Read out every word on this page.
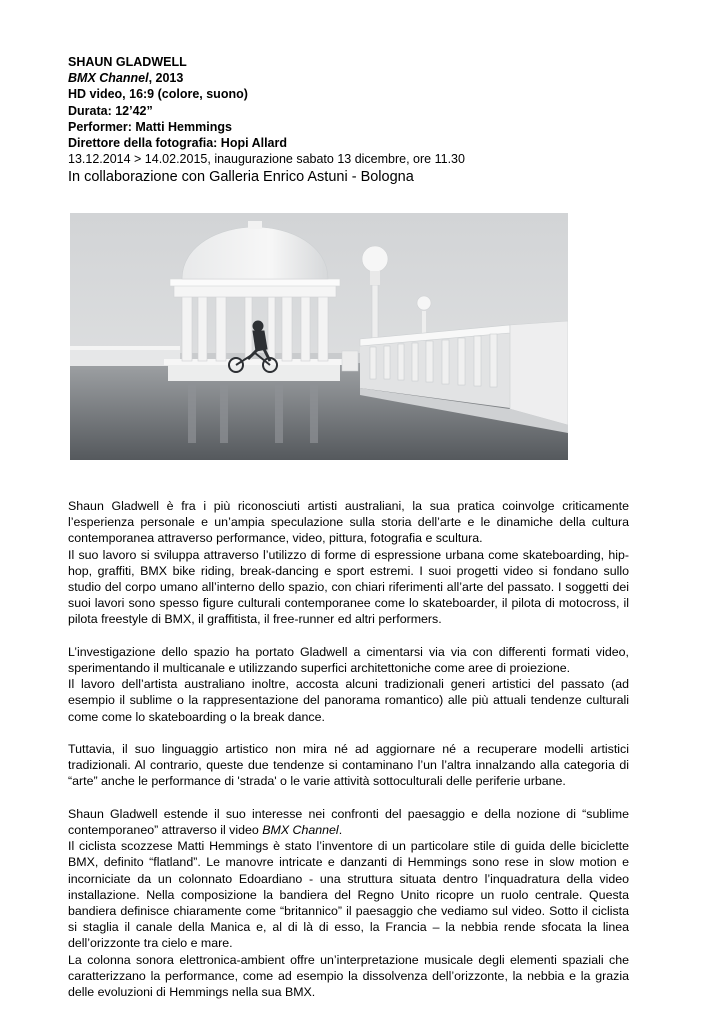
SHAUN GLADWELL
BMX Channel, 2013
HD video, 16:9 (colore, suono)
Durata: 12’42”
Performer: Matti Hemmings
Direttore della fotografia: Hopi Allard
13.12.2014 > 14.02.2015, inaugurazione sabato 13 dicembre, ore 11.30
In collaborazione con Galleria Enrico Astuni - Bologna

Shaun Gladwell è fra i più riconosciuti artisti australiani, la sua pratica coinvolge criticamente l’esperienza personale e un’ampia speculazione sulla storia dell’arte e le dinamiche della cultura contemporanea attraverso performance, video, pittura, fotografia e scultura.

Il suo lavoro si sviluppa attraverso l’utilizzo di forme di espressione urbana come skateboarding, hip-hop, graffiti, BMX bike riding, break-dancing e sport estremi. I suoi progetti video si fondano sullo studio del corpo umano all’interno dello spazio, con chiari riferimenti all’arte del passato. I soggetti dei suoi lavori sono spesso figure culturali contemporanee come lo skateboarder, il pilota di motocross, il pilota freestyle di BMX, il graffitista, il free-runner ed altri performers.

L’investigazione dello spazio ha portato Gladwell a cimentarsi via via con differenti formati video, sperimentando il multicanale e utilizzando superfici architettoniche come aree di proiezione.

Il lavoro dell’artista australiano inoltre, accosta alcuni tradizionali generi artistici del passato (ad esempio il sublime o la rappresentazione del panorama romantico) alle più attuali tendenze culturali come come lo skateboarding o la break dance.

Tuttavia, il suo linguaggio artistico non mira né ad aggiornare né a recuperare modelli artistici tradizionali. Al contrario, queste due tendenze si contaminano l’un l’altra innalzando alla categoria di “arte” anche le performance di 'strada' o le varie attività sottoculturali delle periferie urbane.

Shaun Gladwell estende il suo interesse nei confronti del paesaggio e della nozione di “sublime contemporaneo” attraverso il video BMX Channel.

Il ciclista scozzese Matti Hemmings è stato l’inventore di un particolare stile di guida delle biciclette BMX, definito “flatland”. Le manovre intricate e danzanti di Hemmings sono rese in slow motion e incorniciate da un colonnato Edoardiano - una struttura situata dentro l’inquadratura della video installazione. Nella composizione la bandiera del Regno Unito ricopre un ruolo centrale. Questa bandiera definisce chiaramente come “britannico” il paesaggio che vediamo sul video. Sotto il ciclista si staglia il canale della Manica e, al di là di esso, la Francia – la nebbia rende sfocata la linea dell’orizzonte tra cielo e mare.

La colonna sonora elettronica-ambient offre un’interpretazione musicale degli elementi spaziali che caratterizzano la performance, come ad esempio la dissolvenza dell’orizzonte, la nebbia e la grazia delle evoluzioni di Hemmings nella sua BMX.
